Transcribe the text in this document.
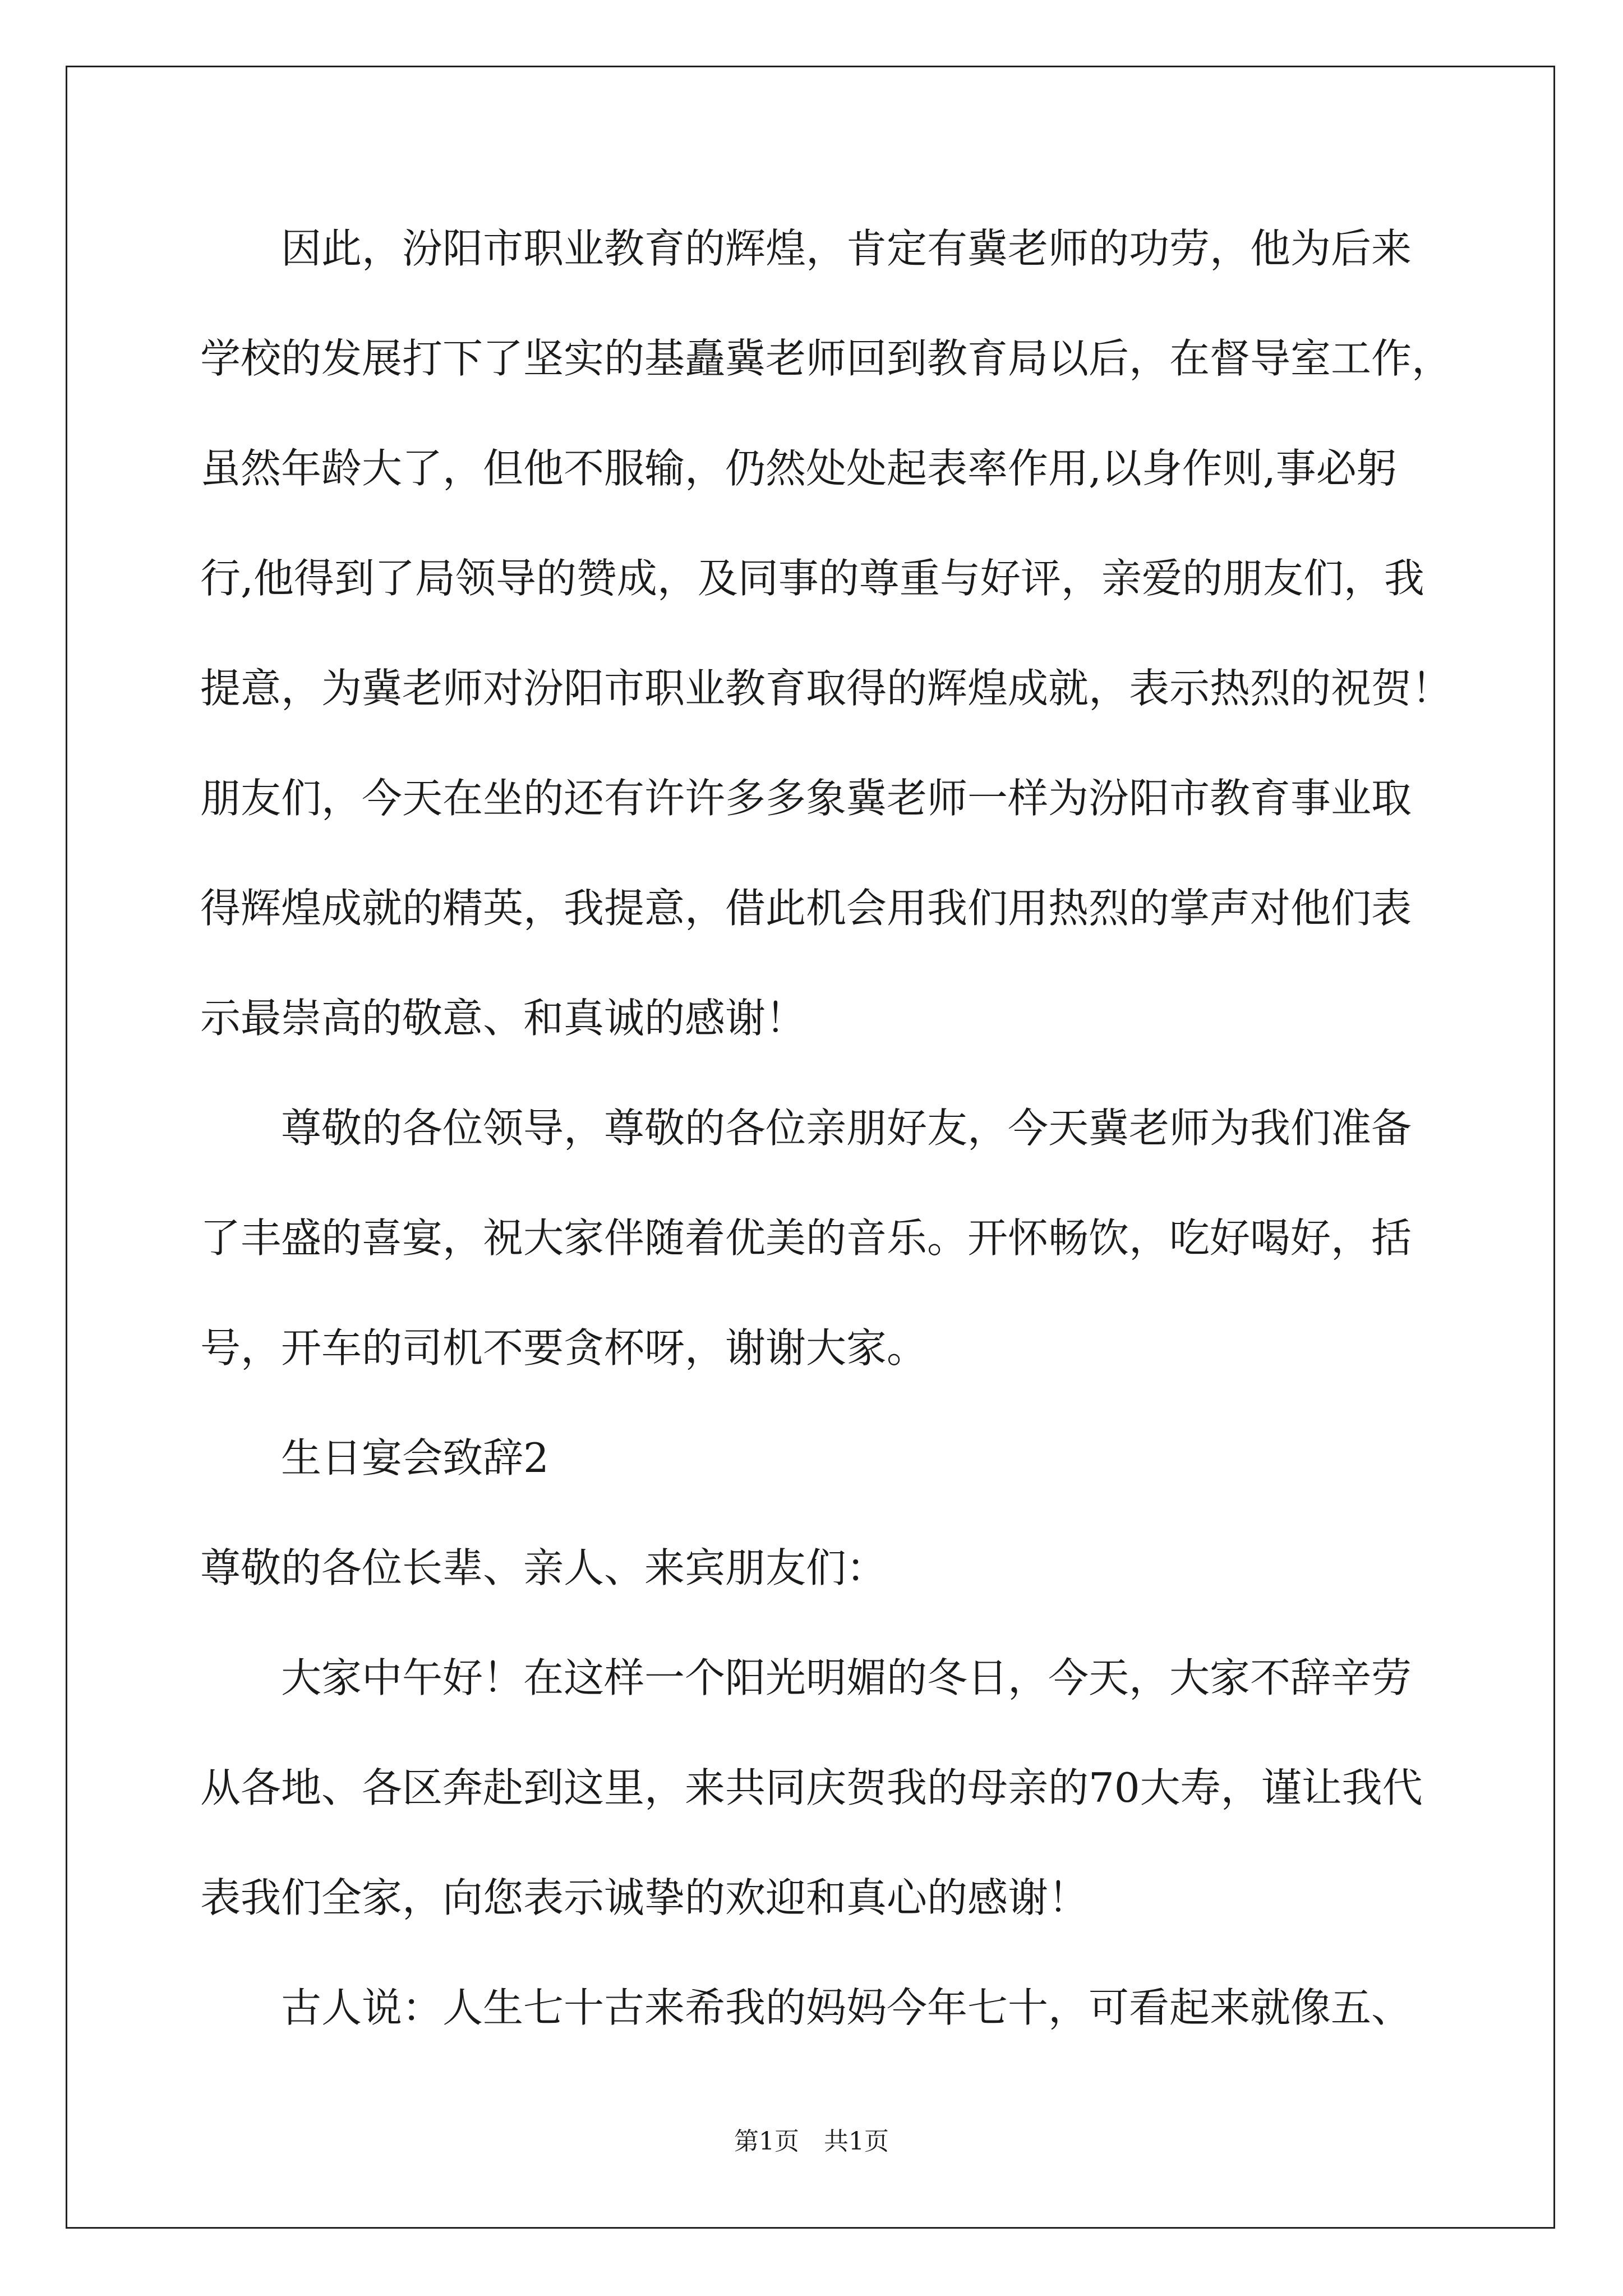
因此，汾阳市职业教育的辉煌，肯定有冀老师的功劳，他为后来
学校的发展打下了坚实的基矗冀老师回到教育局以后，在督导室工作，
虽然年龄大了，但他不服输，仍然处处起表率作用,以身作则,事必躬
行,他得到了局领导的赞成，及同事的尊重与好评，亲爱的朋友们，我
提意，为冀老师对汾阳市职业教育取得的辉煌成就，表示热烈的祝贺！
朋友们，今天在坐的还有许许多多象冀老师一样为汾阳市教育事业取
得辉煌成就的精英，我提意，借此机会用我们用热烈的掌声对他们表
示最崇高的敬意、和真诚的感谢！
尊敬的各位领导，尊敬的各位亲朋好友，今天冀老师为我们准备
了丰盛的喜宴，祝大家伴随着优美的音乐。开怀畅饮，吃好喝好，括
号，开车的司机不要贪杯呀，谢谢大家。
生日宴会致辞2
尊敬的各位长辈、亲人、来宾朋友们：
大家中午好！在这样一个阳光明媚的冬日，今天，大家不辞辛劳
从各地、各区奔赴到这里，来共同庆贺我的母亲的70大寿，谨让我代
表我们全家，向您表示诚挚的欢迎和真心的感谢！
古人说：人生七十古来希我的妈妈今年七十，可看起来就像五、
第1页　共1页
